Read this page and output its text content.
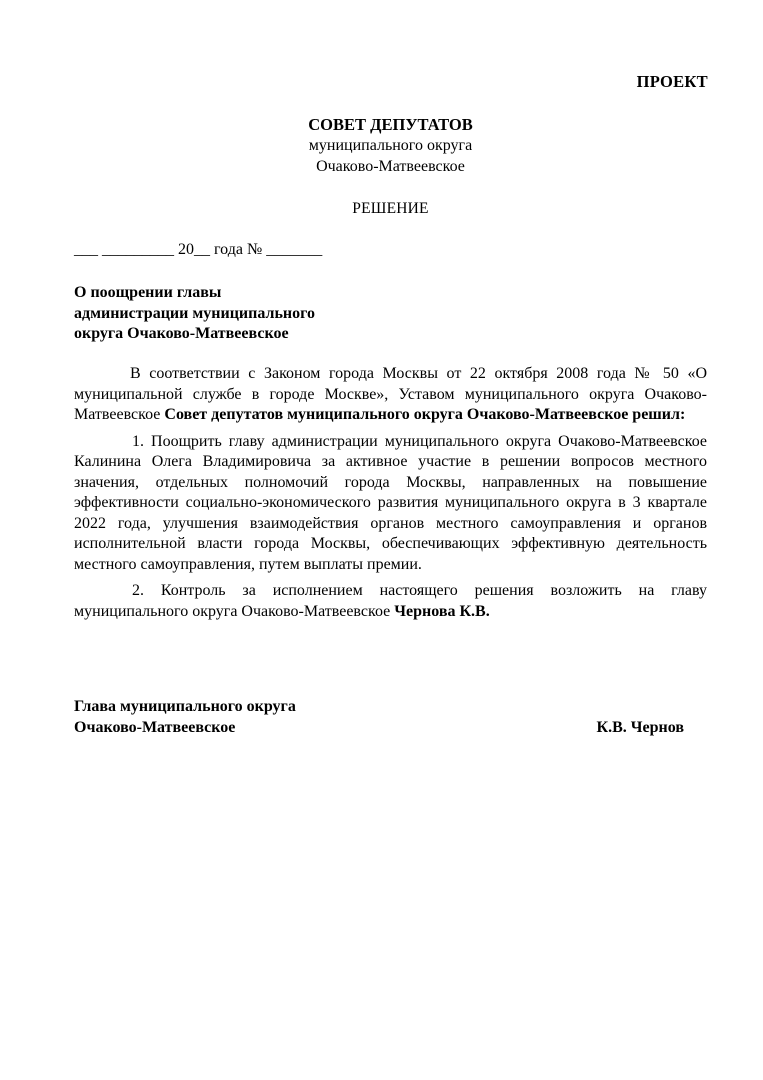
ПРОЕКТ
СОВЕТ ДЕПУТАТОВ
муниципального округа
Очаково-Матвеевское
РЕШЕНИЕ
___ _________ 20__ года № _______
О поощрении главы
администрации муниципального
округа Очаково-Матвеевское

В соответствии с Законом города Москвы от 22 октября 2008 года № 50 «О муниципальной службе в городе Москве», Уставом муниципального округа Очаково-Матвеевское Совет депутатов муниципального округа Очаково-Матвеевское решил:

1. Поощрить главу администрации муниципального округа Очаково-Матвеевское Калинина Олега Владимировича за активное участие в решении вопросов местного значения, отдельных полномочий города Москвы, направленных на повышение эффективности социально-экономического развития муниципального округа в 3 квартале 2022 года, улучшения взаимодействия органов местного самоуправления и органов исполнительной власти города Москвы, обеспечивающих эффективную деятельность местного самоуправления, путем выплаты премии.

2. Контроль за исполнением настоящего решения возложить на главу муниципального округа Очаково-Матвеевское Чернова К.В.

Глава муниципального округа
Очаково-Матвеевское	К.В. Чернов
